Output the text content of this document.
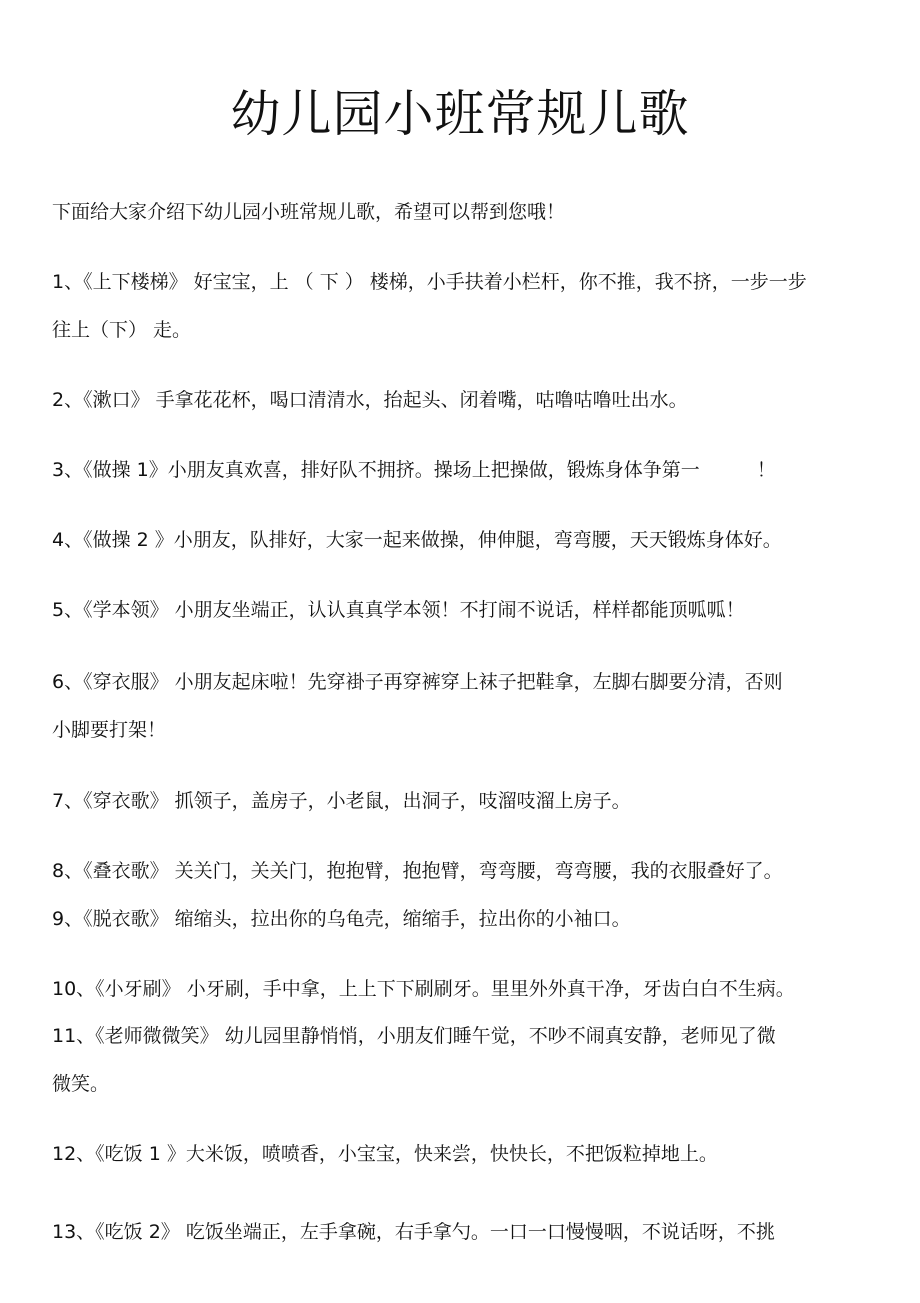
幼儿园小班常规儿歌

下面给大家介绍下幼儿园小班常规儿歌，希望可以帮到您哦！

1、《上下楼梯》 好宝宝，上 （ 下 ） 楼梯，小手扶着小栏杆，你不推，我不挤，一步一步

往上（下） 走。

2、《漱口》 手拿花花杯，喝口清清水，抬起头、闭着嘴，咕噜咕噜吐出水。

3、《做操 1》小朋友真欢喜，排好队不拥挤。操场上把操做，锻炼身体争第一　　　！

4、《做操 2 》小朋友，队排好，大家一起来做操，伸伸腿，弯弯腰，天天锻炼身体好。

5、《学本领》 小朋友坐端正，认认真真学本领！不打闹不说话，样样都能顶呱呱！

6、《穿衣服》 小朋友起床啦！先穿褂子再穿裤穿上袜子把鞋拿，左脚右脚要分清，否则

小脚要打架！

7、《穿衣歌》 抓领子，盖房子，小老鼠，出洞子，吱溜吱溜上房子。

8、《叠衣歌》 关关门，关关门，抱抱臂，抱抱臂，弯弯腰，弯弯腰，我的衣服叠好了。

9、《脱衣歌》 缩缩头，拉出你的乌龟壳，缩缩手，拉出你的小袖口。

10、《小牙刷》 小牙刷，手中拿，上上下下刷刷牙。里里外外真干净，牙齿白白不生病。

11、《老师微微笑》 幼儿园里静悄悄，小朋友们睡午觉，不吵不闹真安静，老师见了微

微笑。

12、《吃饭 1 》大米饭，喷喷香，小宝宝，快来尝，快快长，不把饭粒掉地上。

13、《吃饭 2》 吃饭坐端正，左手拿碗，右手拿勺。一口一口慢慢咽，不说话呀，不挑
